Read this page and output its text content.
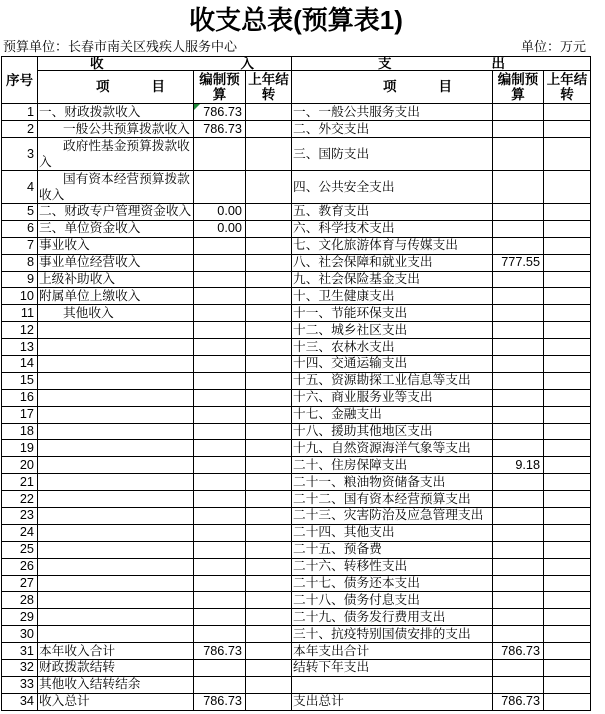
收支总表(预算表1)
预算单位：长春市南关区残疾人服务中心	单位：万元
序号	收入			支出		
	项目	编制预算	上年结转	项目	编制预算	上年结转

1	一、财政拨款收入	786.73		一、一般公共服务支出		
2	一般公共预算拨款收入	786.73		二、外交支出		
3	政府性基金预算拨款收入			三、国防支出		
4	国有资本经营预算拨款收入			四、公共安全支出		
5	二、财政专户管理资金收入	0.00		五、教育支出		
6	三、单位资金收入	0.00		六、科学技术支出		
7	事业收入			七、文化旅游体育与传媒支出		
8	事业单位经营收入			八、社会保障和就业支出	777.55	
9	上级补助收入			九、社会保险基金支出		
10	附属单位上缴收入			十、卫生健康支出		
11	其他收入			十一、节能环保支出		
12				十二、城乡社区支出		
13				十三、农林水支出		
14				十四、交通运输支出		
15				十五、资源勘探工业信息等支出		
16				十六、商业服务业等支出		
17				十七、金融支出		
18				十八、援助其他地区支出		
19				十九、自然资源海洋气象等支出		
20				二十、住房保障支出	9.18	
21				二十一、粮油物资储备支出		
22				二十二、国有资本经营预算支出		
23				二十三、灾害防治及应急管理支出		
24				二十四、其他支出		
25				二十五、预备费		
26				二十六、转移性支出		
27				二十七、债务还本支出		
28				二十八、债务付息支出		
29				二十九、债务发行费用支出		
30				三十、抗疫特别国债安排的支出		
31	本年收入合计	786.73		本年支出合计	786.73	
32	财政拨款结转			结转下年支出		
33	其他收入结转结余					
34	收入总计	786.73		支出总计	786.73	
